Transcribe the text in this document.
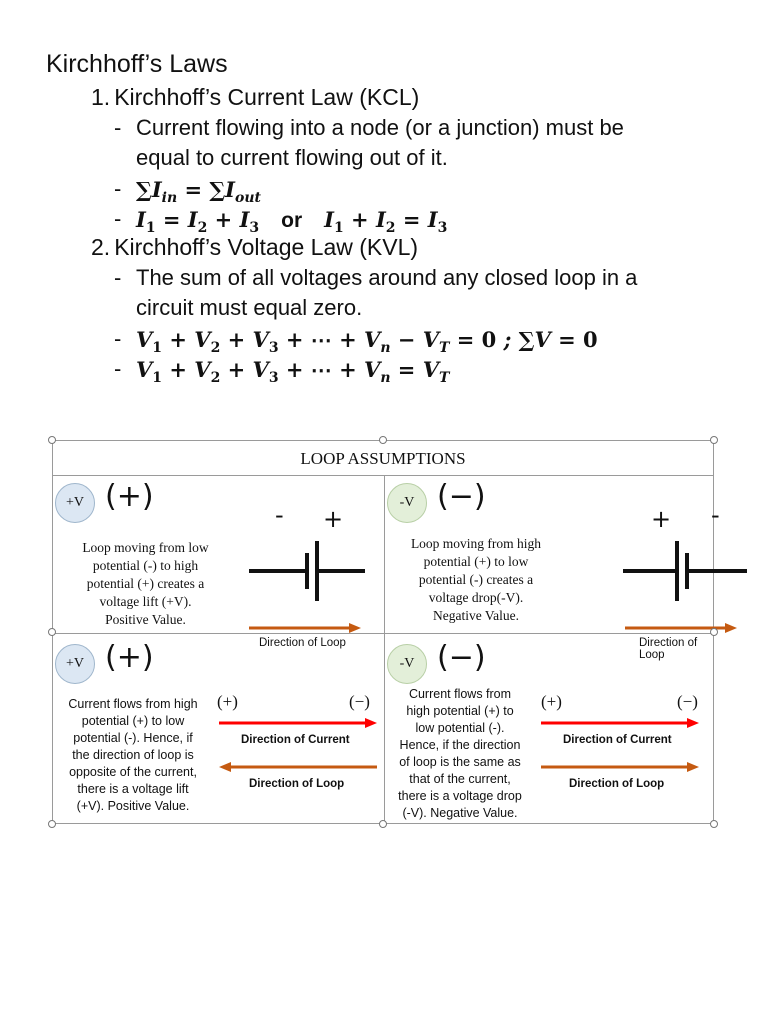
Kirchhoff’s Laws
1. Kirchhoff’s Current Law (KCL)
- Current flowing into a node (or a junction) must be
equal to current flowing out of it.
- $\sum I_{in} = \sum I_{out}$
- $I_1 = I_2 + I_3$ or $I_1 + I_2 = I_3$
2. Kirchhoff’s Voltage Law (KVL)
- The sum of all voltages around any closed loop in a
circuit must equal zero.
- $V_1 + V_2 + V_3$ + ⋯ + $V_n - V_T = 0$ ; ∑V = 0
- $V_1 + V_2 + V_3$ + ⋯ + $V_n = V_T$
LOOP ASSUMPTIONS
+V (+)
Loop moving from low
potential (-) to high
potential (+) creates a
voltage lift (+V).
Positive Value.
- +
Direction of Loop
-V (−)
Loop moving from high
potential (+) to low
potential (-) creates a
voltage drop(-V).
Negative Value.
+ -
Direction of Loop
+V (+)
Current flows from high
potential (+) to low
potential (-). Hence, if
the direction of loop is
opposite of the current,
there is a voltage lift
(+V). Positive Value.
(+)	(−)
Direction of Current
Direction of Loop
-V (−)
Current flows from
high potential (+) to
low potential (-).
Hence, if the direction
of loop is the same as
that of the current,
there is a voltage drop
(-V). Negative Value.
(+)	(−)
Direction of Current
Direction of Loop
